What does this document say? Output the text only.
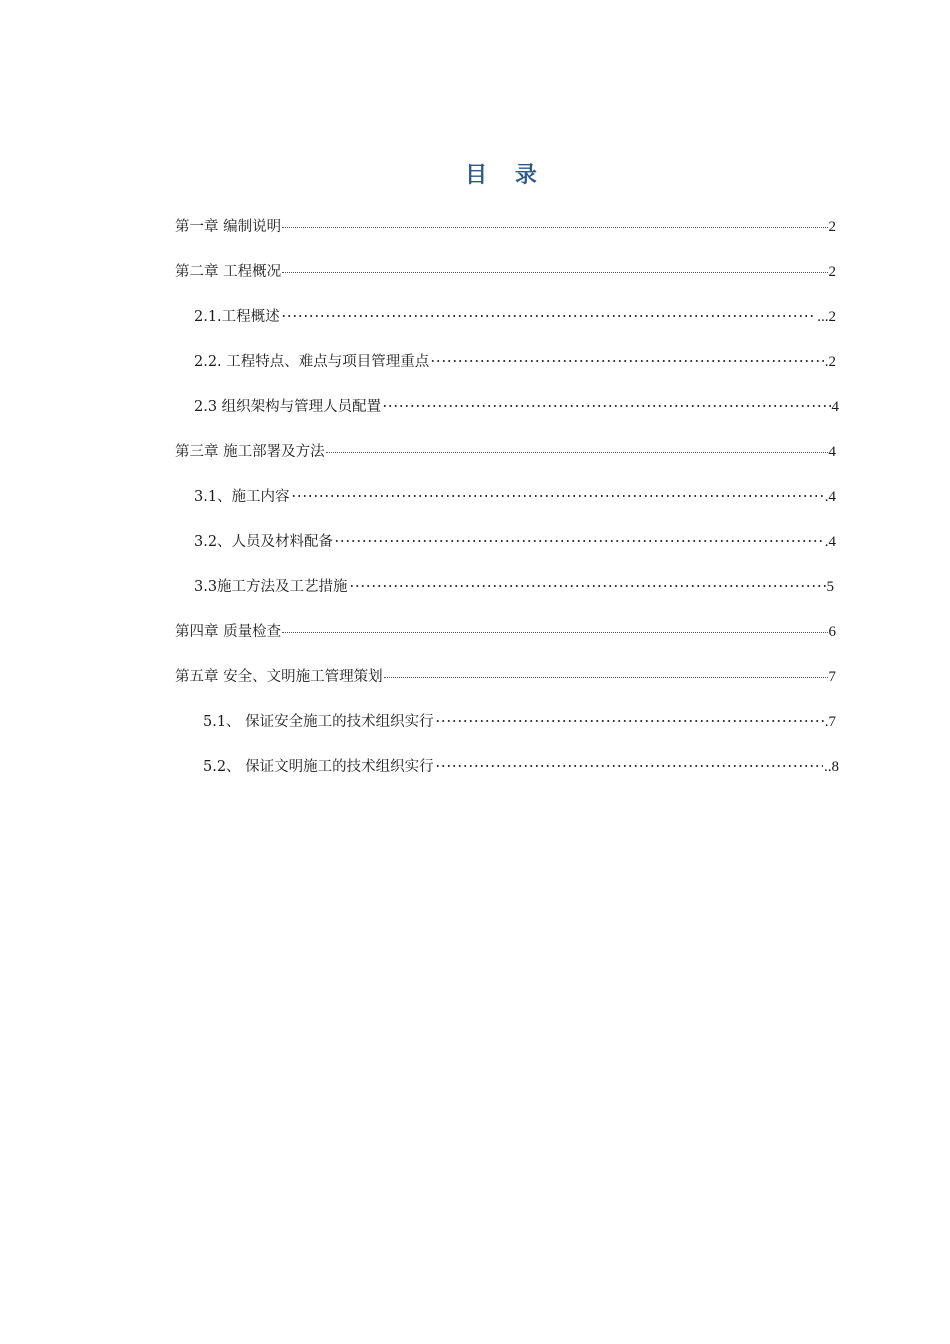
目 录
第一章 编制说明	2
第二章 工程概况	2
2.1.工程概述	...2
2.2. 工程特点、难点与项目管理重点	.2
2.3 组织架构与管理人员配置	4
第三章 施工部署及方法	4
3.1、施工内容	.4
3.2、人员及材料配备	.4
3.3施工方法及工艺措施	5
第四章 质量检查	6
第五章 安全、文明施工管理策划	7
5.1、 保证安全施工的技术组织实行	.7
5.2、 保证文明施工的技术组织实行	..8
